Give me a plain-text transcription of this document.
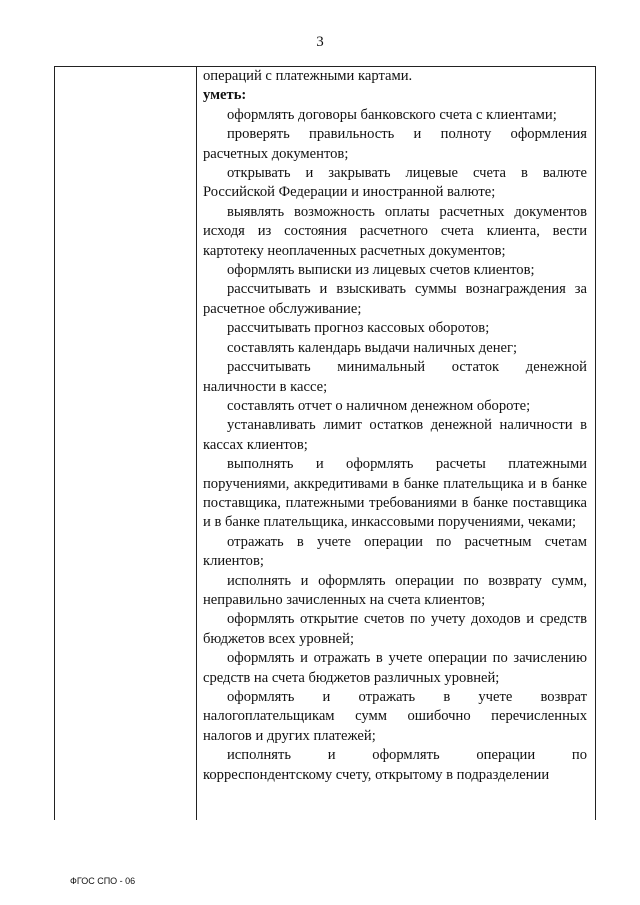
3

операций с платежными картами.

уметь:

оформлять договоры банковского счета с клиентами;

проверять правильность и полноту оформления расчетных документов;

открывать и закрывать лицевые счета в валюте Российской Федерации и иностранной валюте;

выявлять возможность оплаты расчетных документов исходя из состояния расчетного счета клиента, вести картотеку неоплаченных расчетных документов;

оформлять выписки из лицевых счетов клиентов;

рассчитывать и взыскивать суммы вознаграждения за расчетное обслуживание;

рассчитывать прогноз кассовых оборотов;

составлять календарь выдачи наличных денег;

рассчитывать минимальный остаток денежной наличности в кассе;

составлять отчет о наличном денежном обороте;

устанавливать лимит остатков денежной наличности в кассах клиентов;

выполнять и оформлять расчеты платежными поручениями, аккредитивами в банке плательщика и в банке поставщика, платежными требованиями в банке поставщика и в банке плательщика, инкассовыми поручениями, чеками;

отражать в учете операции по расчетным счетам клиентов;

исполнять и оформлять операции по возврату сумм, неправильно зачисленных на счета клиентов;

оформлять открытие счетов по учету доходов и средств бюджетов всех уровней;

оформлять и отражать в учете операции по зачислению средств на счета бюджетов различных уровней;

оформлять и отражать в учете возврат налогоплательщикам сумм ошибочно перечисленных налогов и других платежей;

исполнять и оформлять операции по корреспондентскому счету, открытому в подразделении

ФГОС СПО - 06
